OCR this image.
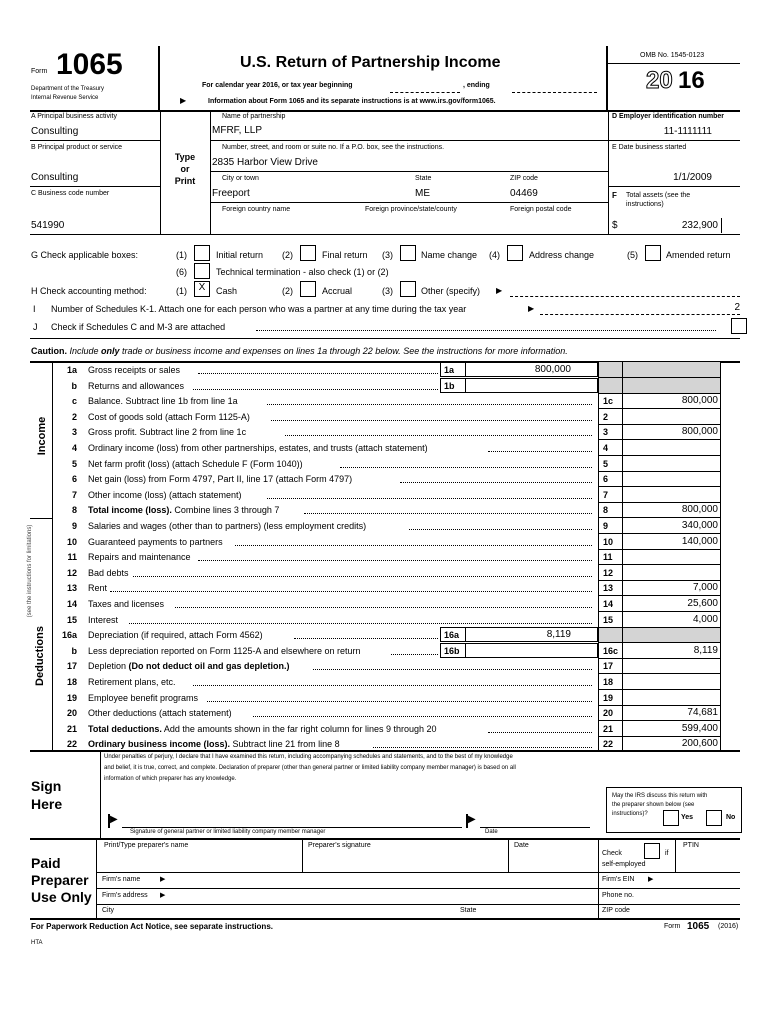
Form 1065
Department of the Treasury
Internal Revenue Service
U.S. Return of Partnership Income
For calendar year 2016, or tax year beginning	, ending
▶	Information about Form 1065 and its separate instructions is at www.irs.gov/form1065.
OMB No. 1545-0123
20 16
A Principal business activity
Consulting
B Principal product or service
Consulting
C Business code number
541990
Type
or
Print
Name of partnership
MFRF, LLP
Number, street, and room or suite no. If a P.O. box, see the instructions.
2835 Harbor View Drive
City or town	State	ZIP code
Freeport	ME	04469
Foreign country name	Foreign province/state/county	Foreign postal code
D Employer identification number
11-1111111
E Date business started
1/1/2009
F Total assets (see the
instructions)
$	232,900
G Check applicable boxes:	(1)	Initial return (2)	Final return (3)	Name change (4)	Address change	(5)	Amended return
(6)	Technical termination - also check (1) or (2)
H Check accounting method:	(1)	X	Cash	(2)	Accrual	(3)	Other (specify) ▶
I Number of Schedules K-1. Attach one for each person who was a partner at any time during the tax year	▶	2
J Check if Schedules C and M-3 are attached
Caution. Include only trade or business income and expenses on lines 1a through 22 below. See the instructions for more information.
Income
Deductions
(see the instructions for limitations)
1a Gross receipts or sales	1a	800,000
b Returns and allowances	1b
c Balance. Subtract line 1b from line 1a	1c	800,000
2 Cost of goods sold (attach Form 1125-A)	2
3 Gross profit. Subtract line 2 from line 1c	3	800,000
4 Ordinary income (loss) from other partnerships, estates, and trusts (attach statement)	4
5 Net farm profit (loss) (attach Schedule F (Form 1040))	5
6 Net gain (loss) from Form 4797, Part II, line 17 (attach Form 4797)	6
7 Other income (loss) (attach statement)	7
8 Total income (loss). Combine lines 3 through 7	8	800,000
9 Salaries and wages (other than to partners) (less employment credits)	9	340,000
10 Guaranteed payments to partners	10	140,000
11 Repairs and maintenance	11
12 Bad debts	12
13 Rent	13	7,000
14 Taxes and licenses	14	25,600
15 Interest	15	4,000
16a Depreciation (if required, attach Form 4562)	16a	8,119
b Less depreciation reported on Form 1125-A and elsewhere on return	16b	16c	8,119
17 Depletion (Do not deduct oil and gas depletion.)	17
18 Retirement plans, etc.	18
19 Employee benefit programs	19
20 Other deductions (attach statement)	20	74,681
21 Total deductions. Add the amounts shown in the far right column for lines 9 through 20	21	599,400
22 Ordinary business income (loss). Subtract line 21 from line 8	22	200,600
Sign
Here
Under penalties of perjury, I declare that I have examined this return, including accompanying schedules and statements, and to the best of my knowledge
and belief, it is true, correct, and complete. Declaration of preparer (other than general partner or limited liability company member manager) is based on all
information of which preparer has any knowledge.
▶
Signature of general partner or limited liability company member manager
▶
Date
May the IRS discuss this return with
the preparer shown below (see
instructions)?	Yes	No
Paid
Preparer
Use Only
Print/Type preparer's name	Preparer's signature	Date
Check	if
self-employed
PTIN
Firm's name	▶	Firm's EIN ▶
Firm's address ▶	Phone no.
City	State	ZIP code
For Paperwork Reduction Act Notice, see separate instructions.	Form 1065 (2016)
HTA
